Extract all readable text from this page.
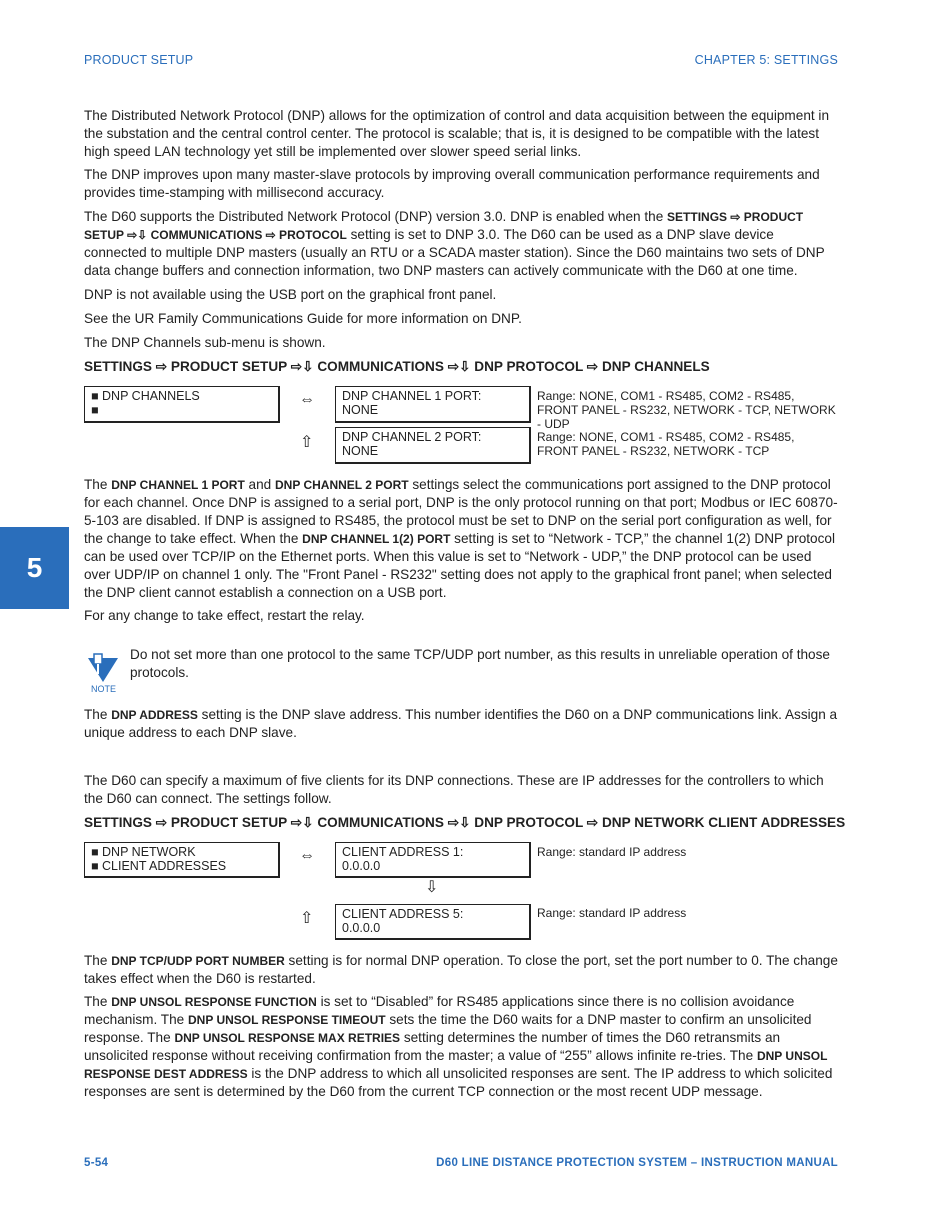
PRODUCT SETUP	CHAPTER 5: SETTINGS
5
The Distributed Network Protocol (DNP) allows for the optimization of control and data acquisition between the equipment in the substation and the central control center. The protocol is scalable; that is, it is designed to be compatible with the latest high speed LAN technology yet still be implemented over slower speed serial links.
The DNP improves upon many master-slave protocols by improving overall communication performance requirements and provides time-stamping with millisecond accuracy.
The D60 supports the Distributed Network Protocol (DNP) version 3.0. DNP is enabled when the SETTINGS ⇨ PRODUCT SETUP ⇨⇩ COMMUNICATIONS ⇨ PROTOCOL setting is set to DNP 3.0. The D60 can be used as a DNP slave device connected to multiple DNP masters (usually an RTU or a SCADA master station). Since the D60 maintains two sets of DNP data change buffers and connection information, two DNP masters can actively communicate with the D60 at one time.
DNP is not available using the USB port on the graphical front panel.
See the UR Family Communications Guide for more information on DNP.
The DNP Channels sub-menu is shown.
SETTINGS ⇨ PRODUCT SETUP ⇨⇩ COMMUNICATIONS ⇨⇩ DNP PROTOCOL ⇨ DNP CHANNELS
■ DNP CHANNELS
■
⇔ DNP CHANNEL 1 PORT:
NONE
Range: NONE, COM1 - RS485, COM2 - RS485, FRONT PANEL - RS232, NETWORK - TCP, NETWORK - UDP
⇧ DNP CHANNEL 2 PORT:
NONE
Range: NONE, COM1 - RS485, COM2 - RS485, FRONT PANEL - RS232, NETWORK - TCP
The DNP CHANNEL 1 PORT and DNP CHANNEL 2 PORT settings select the communications port assigned to the DNP protocol for each channel. Once DNP is assigned to a serial port, DNP is the only protocol running on that port; Modbus or IEC 60870-5-103 are disabled. If DNP is assigned to RS485, the protocol must be set to DNP on the serial port configuration as well, for the change to take effect. When the DNP CHANNEL 1(2) PORT setting is set to “Network - TCP,” the channel 1(2) DNP protocol can be used over TCP/IP on the Ethernet ports. When this value is set to “Network - UDP,” the DNP protocol can be used over UDP/IP on channel 1 only. The "Front Panel - RS232" setting does not apply to the graphical front panel; when selected the DNP client cannot establish a connection on a USB port.
For any change to take effect, restart the relay.
NOTE
Do not set more than one protocol to the same TCP/UDP port number, as this results in unreliable operation of those protocols.
The DNP ADDRESS setting is the DNP slave address. This number identifies the D60 on a DNP communications link. Assign a unique address to each DNP slave.
The D60 can specify a maximum of five clients for its DNP connections. These are IP addresses for the controllers to which the D60 can connect. The settings follow.
SETTINGS ⇨ PRODUCT SETUP ⇨⇩ COMMUNICATIONS ⇨⇩ DNP PROTOCOL ⇨ DNP NETWORK CLIENT ADDRESSES
■ DNP NETWORK
■ CLIENT ADDRESSES
⇔ CLIENT ADDRESS 1:
0.0.0.0
Range: standard IP address
⇩
⇧ CLIENT ADDRESS 5:
0.0.0.0
Range: standard IP address
The DNP TCP/UDP PORT NUMBER setting is for normal DNP operation. To close the port, set the port number to 0. The change takes effect when the D60 is restarted.
The DNP UNSOL RESPONSE FUNCTION is set to “Disabled” for RS485 applications since there is no collision avoidance mechanism. The DNP UNSOL RESPONSE TIMEOUT sets the time the D60 waits for a DNP master to confirm an unsolicited response. The DNP UNSOL RESPONSE MAX RETRIES setting determines the number of times the D60 retransmits an unsolicited response without receiving confirmation from the master; a value of “255” allows infinite re-tries. The DNP UNSOL RESPONSE DEST ADDRESS is the DNP address to which all unsolicited responses are sent. The IP address to which solicited responses are sent is determined by the D60 from the current TCP connection or the most recent UDP message.
5-54	D60 LINE DISTANCE PROTECTION SYSTEM – INSTRUCTION MANUAL
